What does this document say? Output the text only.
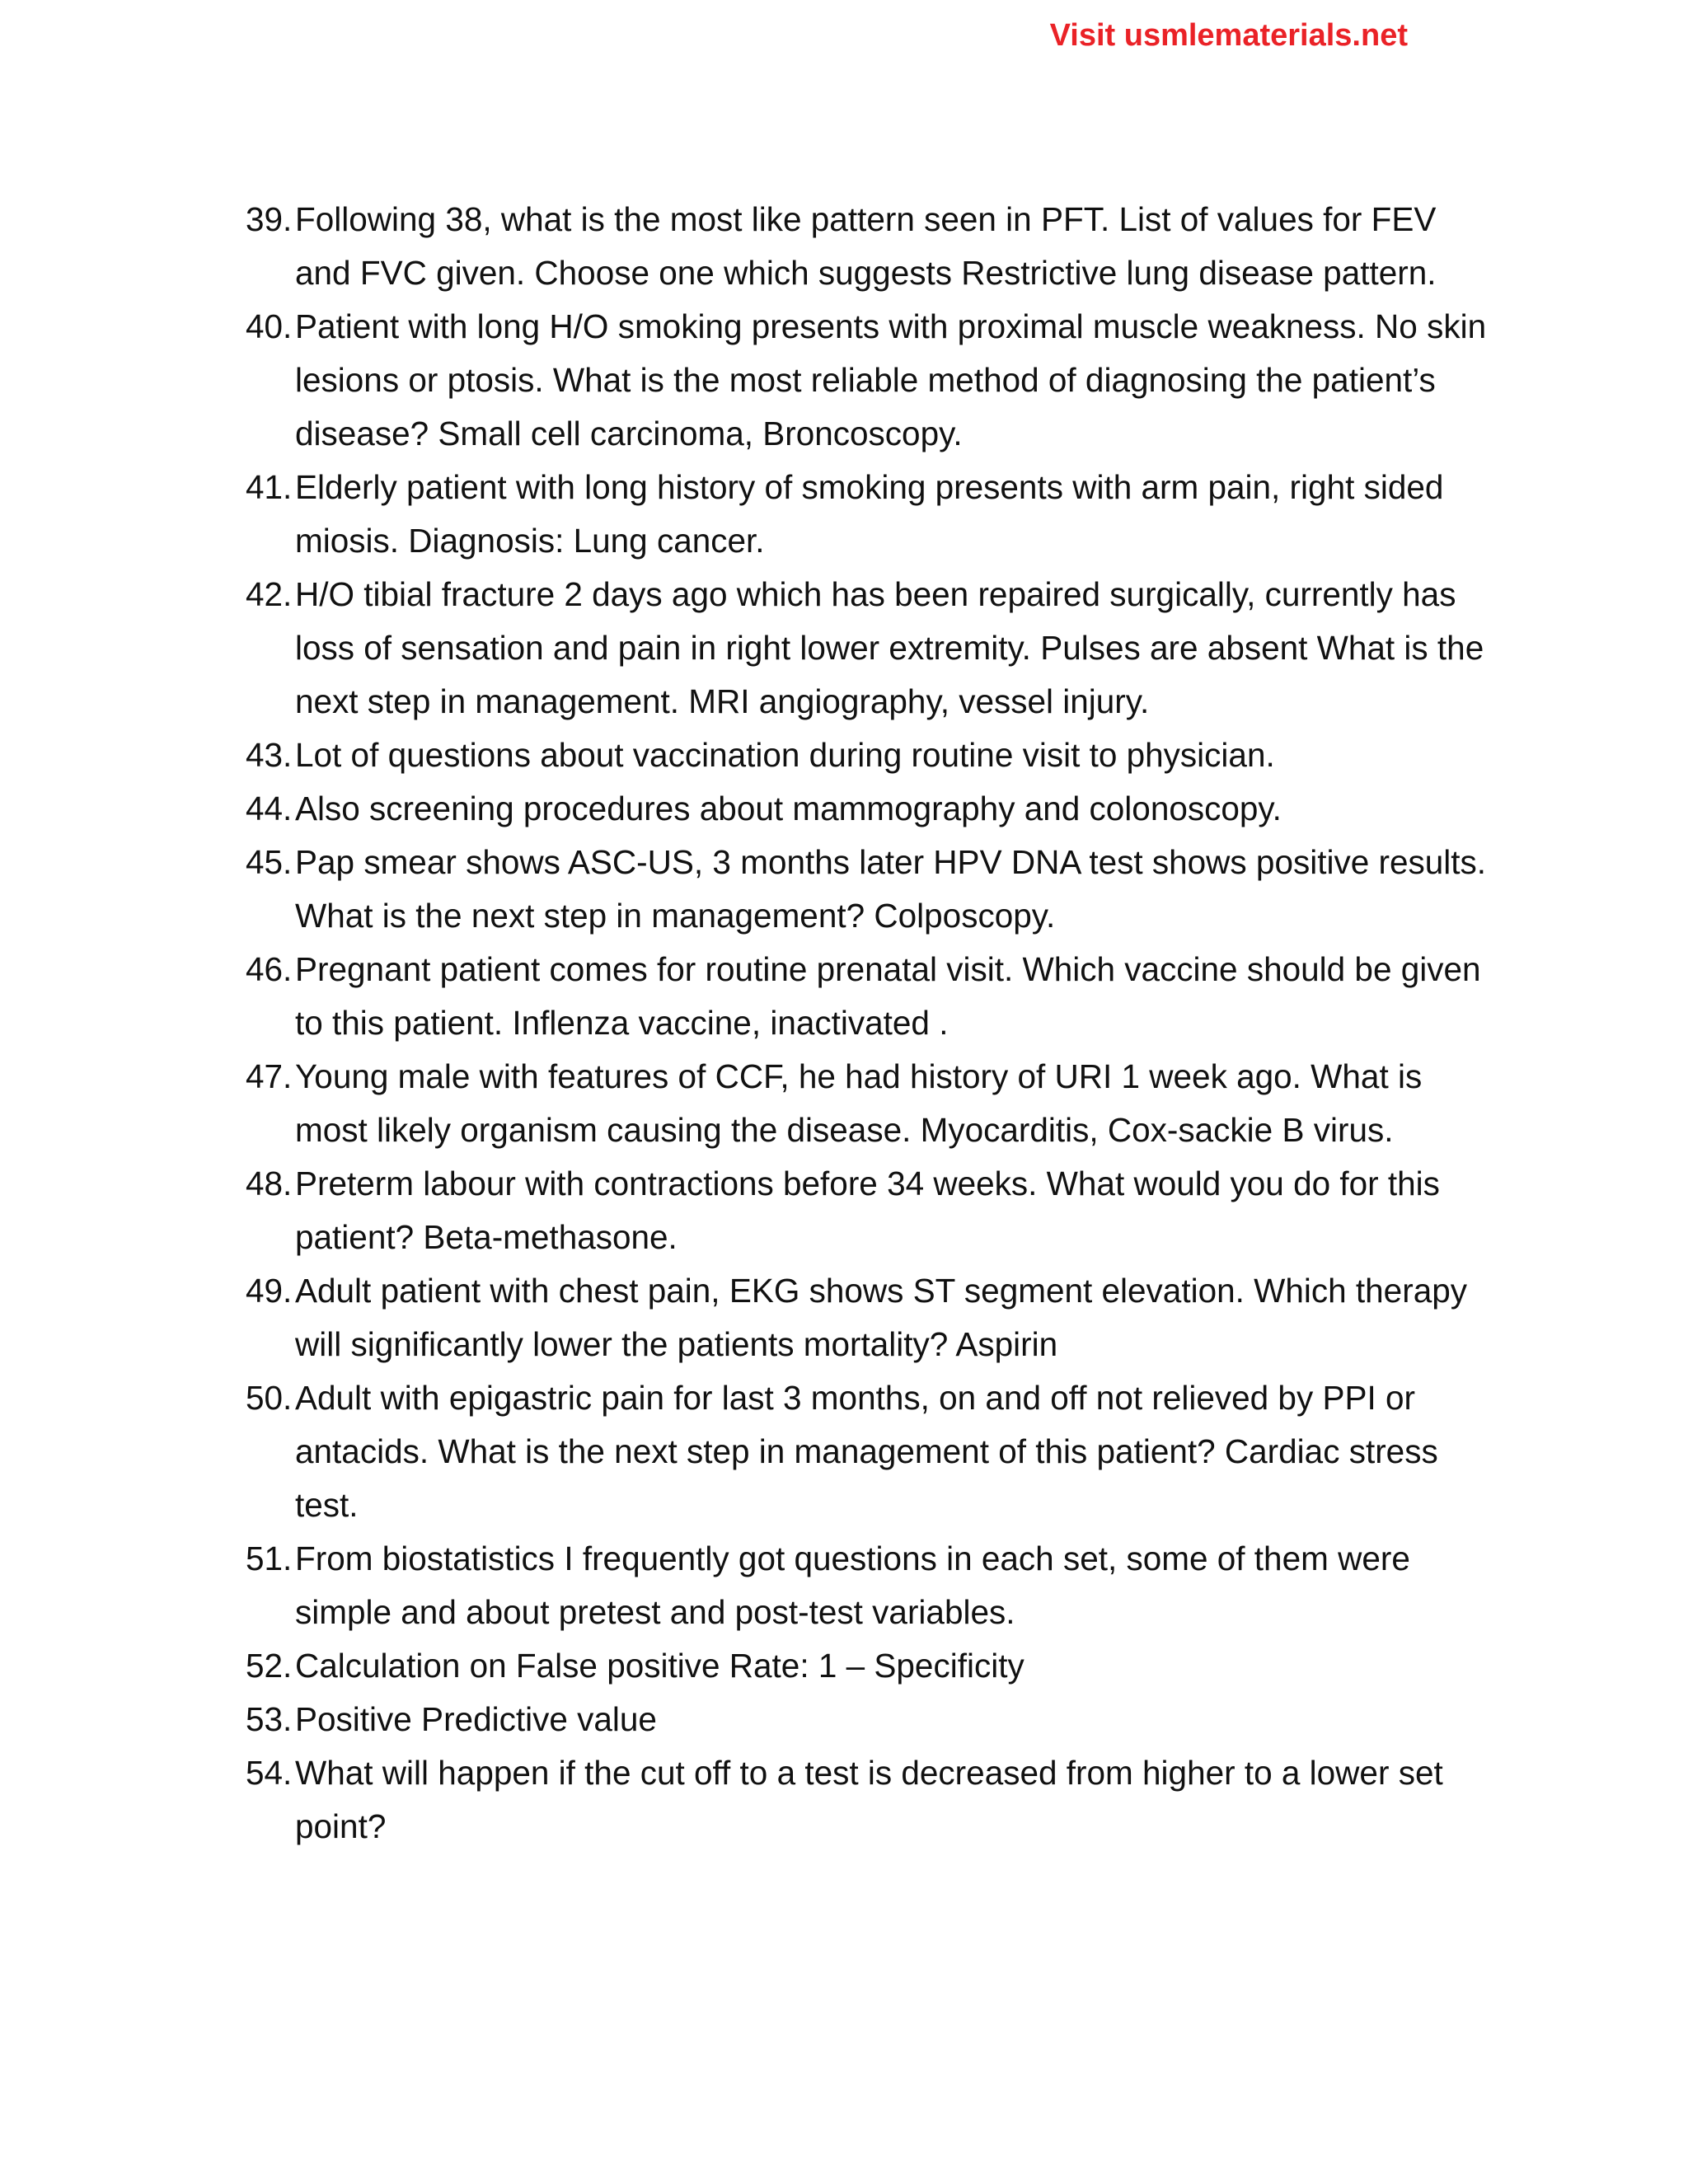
Visit usmlematerials.net
39. Following 38, what is the most like pattern seen in PFT. List of values for FEV and FVC given. Choose one which suggests Restrictive lung disease pattern.
40. Patient with long H/O smoking presents with proximal muscle weakness. No skin lesions or ptosis. What is the most reliable method of diagnosing the patient’s disease? Small cell carcinoma, Broncoscopy.
41. Elderly patient with long history of smoking presents with arm pain, right sided miosis. Diagnosis: Lung cancer.
42. H/O tibial fracture 2 days ago which has been repaired surgically, currently has loss of sensation and pain in right lower extremity. Pulses are absent What is the next step in management. MRI angiography, vessel injury.
43. Lot of questions about vaccination during routine visit to physician.
44. Also screening procedures about mammography and colonoscopy.
45. Pap smear shows ASC-US, 3 months later HPV DNA test shows positive results. What is the next step in management? Colposcopy.
46. Pregnant patient comes for routine prenatal visit. Which vaccine should be given to this patient. Inflenza vaccine, inactivated .
47. Young male with features of CCF, he had history of URI 1 week ago. What is most likely organism causing the disease. Myocarditis, Cox-sackie B virus.
48. Preterm labour with contractions before 34 weeks. What would you do for this patient? Beta-methasone.
49. Adult patient with chest pain, EKG shows ST segment elevation. Which therapy will significantly lower the patients mortality? Aspirin
50. Adult with epigastric pain for last 3 months, on and off not relieved by PPI or antacids. What is the next step in management of this patient? Cardiac stress test.
51. From biostatistics I frequently got questions in each set, some of them were simple and about pretest and post-test variables.
52. Calculation on False positive Rate: 1 – Specificity
53. Positive Predictive value
54. What will happen if the cut off to a test is decreased from higher to a lower set point?
